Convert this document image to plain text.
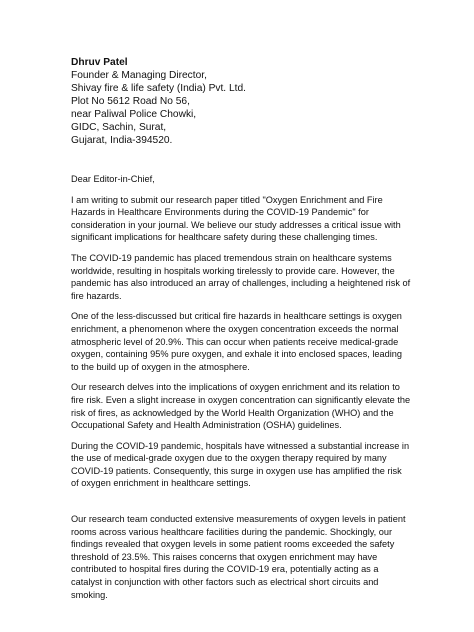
Dhruv Patel

Founder & Managing Director,

Shivay fire & life safety (India) Pvt. Ltd.

Plot No 5612 Road No 56,

near Paliwal Police Chowki,

GIDC, Sachin, Surat,

Gujarat, India-394520.

Dear Editor-in-Chief,

I am writing to submit our research paper titled "Oxygen Enrichment and Fire Hazards in Healthcare Environments during the COVID-19 Pandemic" for consideration in your journal. We believe our study addresses a critical issue with significant implications for healthcare safety during these challenging times.

The COVID-19 pandemic has placed tremendous strain on healthcare systems worldwide, resulting in hospitals working tirelessly to provide care. However, the pandemic has also introduced an array of challenges, including a heightened risk of fire hazards.

One of the less-discussed but critical fire hazards in healthcare settings is oxygen enrichment, a phenomenon where the oxygen concentration exceeds the normal atmospheric level of 20.9%. This can occur when patients receive medical-grade oxygen, containing 95% pure oxygen, and exhale it into enclosed spaces, leading to the build up of oxygen in the atmosphere.

Our research delves into the implications of oxygen enrichment and its relation to fire risk. Even a slight increase in oxygen concentration can significantly elevate the risk of fires, as acknowledged by the World Health Organization (WHO) and the Occupational Safety and Health Administration (OSHA) guidelines.

During the COVID-19 pandemic, hospitals have witnessed a substantial increase in the use of medical-grade oxygen due to the oxygen therapy required by many COVID-19 patients. Consequently, this surge in oxygen use has amplified the risk of oxygen enrichment in healthcare settings.

Our research team conducted extensive measurements of oxygen levels in patient rooms across various healthcare facilities during the pandemic. Shockingly, our findings revealed that oxygen levels in some patient rooms exceeded the safety threshold of 23.5%. This raises concerns that oxygen enrichment may have contributed to hospital fires during the COVID-19 era, potentially acting as a catalyst in conjunction with other factors such as electrical short circuits and smoking.
